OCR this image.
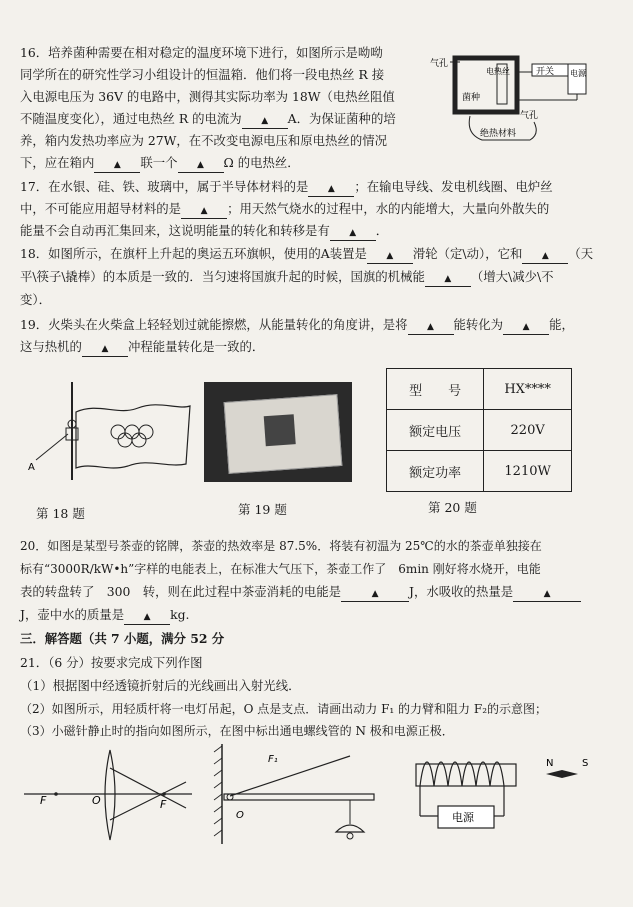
16．培养菌种需要在相对稳定的温度环境下进行，如图所示是呦呦
同学所在的研究性学习小组设计的恒温箱．他们将一段电热丝 R 接
入电源电压为 36V 的电路中，测得其实际功率为 18W（电热丝阻值
不随温度变化），通过电热丝 R 的电流为 ▲ A．为保证菌种的培
养，箱内发热功率应为 27W，在不改变电源电压和原电热丝的情况
下，应在箱内 ▲ 联一个 ▲ Ω 的电热丝．
气孔
电热丝
菌种
开关 电源
气孔
绝热材料
17．在水银、硅、铁、玻璃中，属于半导体材料的是 ▲ ；在输电导线、发电机线圈、电炉丝
中，不可能应用超导材料的是 ▲ ；用天然气烧水的过程中，水的内能增大，大量向外散失的
能量不会自动再汇集回来，这说明能量的转化和转移是有 ▲ ．
18．如图所示，在旗杆上升起的奥运五环旗帜，使用的A装置是 ▲ 滑轮（定\动），它和 ▲ （天
平\筷子\撬棒）的本质是一致的．当匀速将国旗升起的时候，国旗的机械能 ▲ （增大\减少\不
变）．
19．火柴头在火柴盒上轻轻划过就能擦燃，从能量转化的角度讲，是将 ▲ 能转化为 ▲ 能，
这与热机的 ▲ 冲程能量转化是一致的．
A
型　　号	HX****
额定电压	220V
额定功率	1210W
第 18 题	第 19 题	第 20 题
20．如图是某型号茶壶的铭牌，茶壶的热效率是 87.5%．将装有初温为 25℃的水的茶壶单独接在
标有“3000R/kW•h”字样的电能表上，在标准大气压下，茶壶工作了　6min 刚好将水烧开，电能
表的转盘转了　300　转，则在此过程中茶壶消耗的电能是	▲ J，水吸收的热量是	▲
J，壶中水的质量是 ▲ kg.
三．解答题（共 7 小题，满分 52 分
21．（6 分）按要求完成下列作图
（1）根据图中经透镜折射后的光线画出入射光线．
（2）如图所示，用轻质杆将一电灯吊起，O 点是支点．请画出动力 F₁ 的力臂和阻力 F₂的示意图；
（3）小磁针静止时的指向如图所示，在图中标出通电螺线管的 N 极和电源正极．
F	O	F
F₁
O	电源
N	S
